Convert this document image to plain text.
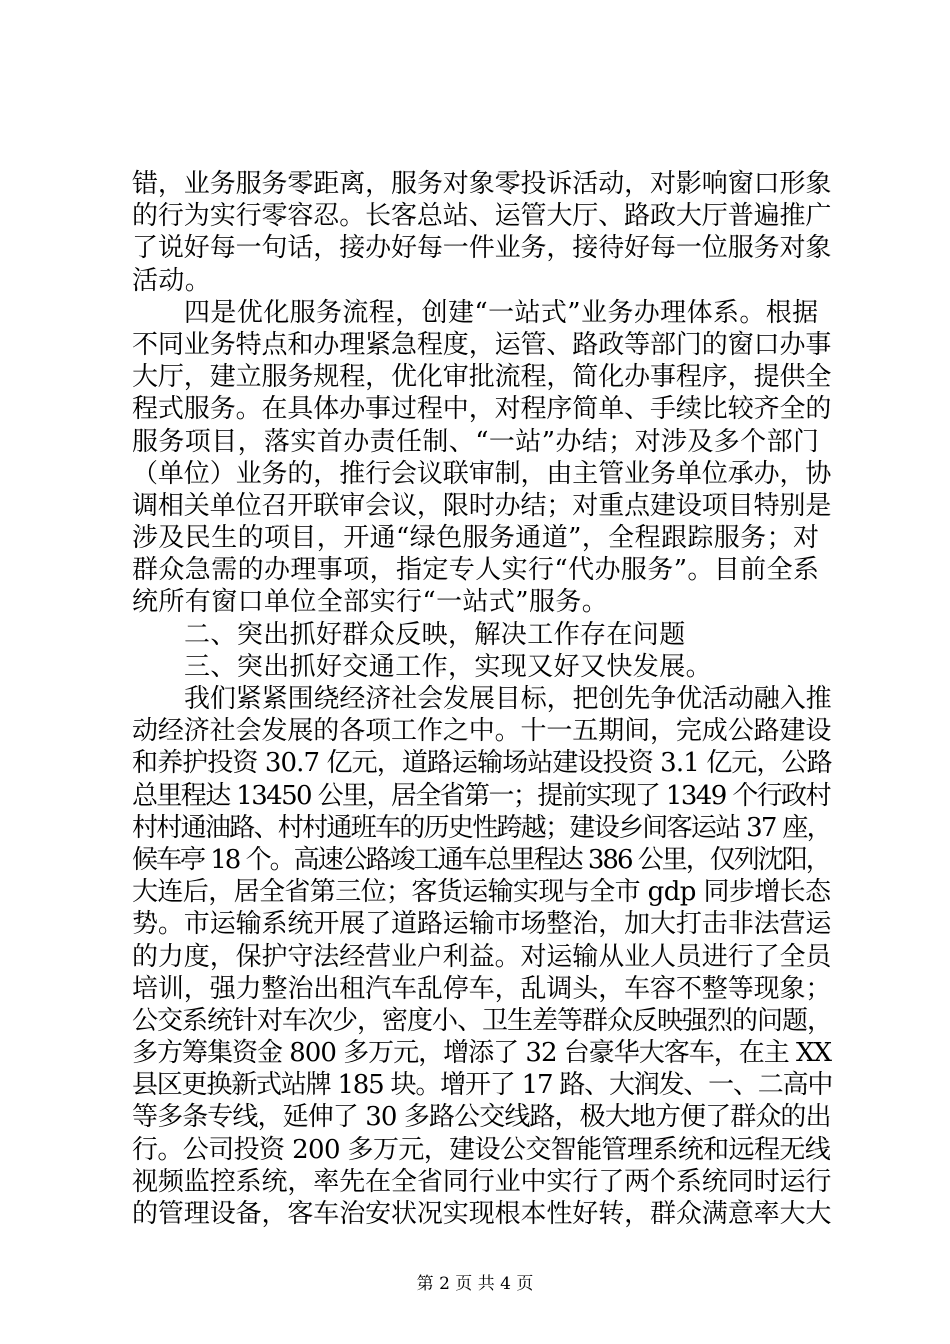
错，业务服务零距离，服务对象零投诉活动，对影响窗口形象
的行为实行零容忍。长客总站、运管大厅、路政大厅普遍推广
了说好每一句话，接办好每一件业务，接待好每一位服务对象
活动。
四是优化服务流程，创建“一站式”业务办理体系。根据
不同业务特点和办理紧急程度，运管、路政等部门的窗口办事
大厅，建立服务规程，优化审批流程，简化办事程序，提供全
程式服务。在具体办事过程中，对程序简单、手续比较齐全的
服务项目，落实首办责任制、“一站”办结；对涉及多个部门
（单位）业务的，推行会议联审制，由主管业务单位承办，协
调相关单位召开联审会议，限时办结；对重点建设项目特别是
涉及民生的项目，开通“绿色服务通道”，全程跟踪服务；对
群众急需的办理事项，指定专人实行“代办服务”。目前全系
统所有窗口单位全部实行“一站式”服务。
二、突出抓好群众反映，解决工作存在问题
三、突出抓好交通工作，实现又好又快发展。
我们紧紧围绕经济社会发展目标，把创先争优活动融入推
动经济社会发展的各项工作之中。十一五期间，完成公路建设
和养护投资 30.7 亿元，道路运输场站建设投资 3.1 亿元，公路
总里程达 13450 公里，居全省第一；提前实现了 1349 个行政村
村村通油路、村村通班车的历史性跨越；建设乡间客运站 37 座，
候车亭 18 个。高速公路竣工通车总里程达 386 公里，仅列沈阳，
大连后，居全省第三位；客货运输实现与全市 gdp 同步增长态
势。市运输系统开展了道路运输市场整治，加大打击非法营运
的力度，保护守法经营业户利益。对运输从业人员进行了全员
培训，强力整治出租汽车乱停车，乱调头，车容不整等现象；
公交系统针对车次少，密度小、卫生差等群众反映强烈的问题，
多方筹集资金 800 多万元，增添了 32 台豪华大客车，在主 XX
县区更换新式站牌 185 块。增开了 17 路、大润发、一、二高中
等多条专线，延伸了 30 多路公交线路，极大地方便了群众的出
行。公司投资 200 多万元，建设公交智能管理系统和远程无线
视频监控系统，率先在全省同行业中实行了两个系统同时运行
的管理设备，客车治安状况实现根本性好转，群众满意率大大
第 2 页 共 4 页
